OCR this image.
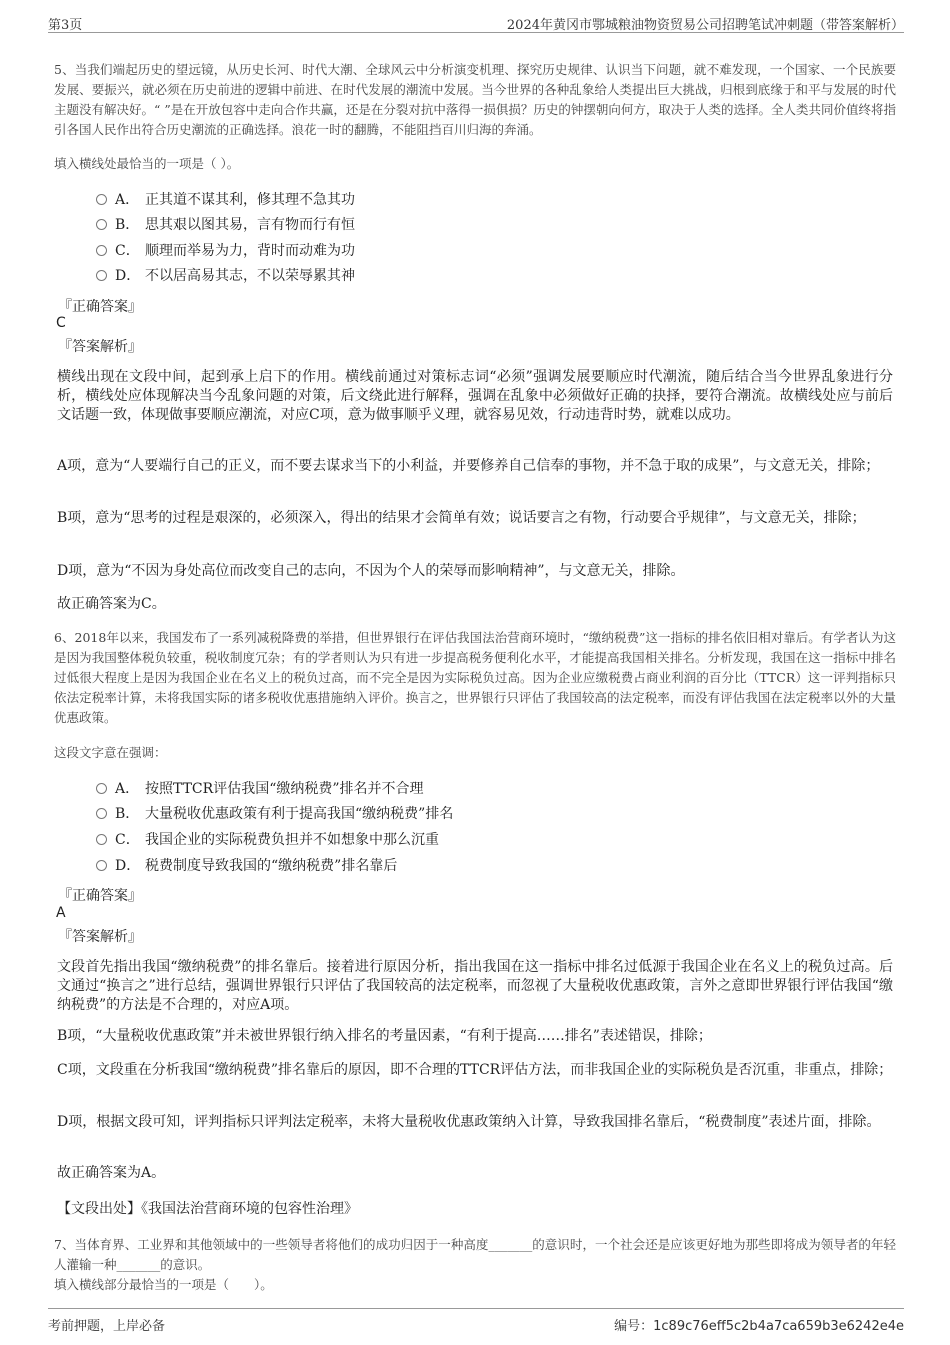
第3页	2024年黄冈市鄂城粮油物资贸易公司招聘笔试冲刺题（带答案解析）
5、当我们端起历史的望远镜，从历史长河、时代大潮、全球风云中分析演变机理、探究历史规律、认识当下问题，就不难发现，一个国家、一个民族要发展、要振兴，就必须在历史前进的逻辑中前进、在时代发展的潮流中发展。当今世界的各种乱象给人类提出巨大挑战，归根到底缘于和平与发展的时代主题没有解决好。“ ”是在开放包容中走向合作共赢，还是在分裂对抗中落得一损俱损？历史的钟摆朝向何方，取决于人类的选择。全人类共同价值终将指引各国人民作出符合历史潮流的正确选择。浪花一时的翻腾，不能阻挡百川归海的奔涌。
填入横线处最恰当的一项是（ ）。
A． 正其道不谋其利，修其理不急其功
B． 思其艰以图其易，言有物而行有恒
C． 顺理而举易为力，背时而动难为功
D． 不以居高易其志，不以荣辱累其神
『正确答案』
C
『答案解析』
横线出现在文段中间，起到承上启下的作用。横线前通过对策标志词“必须”强调发展要顺应时代潮流，随后结合当今世界乱象进行分析，横线处应体现解决当今乱象问题的对策，后文绕此进行解释，强调在乱象中必须做好正确的抉择，要符合潮流。故横线处应与前后文话题一致，体现做事要顺应潮流，对应C项，意为做事顺乎义理，就容易见效，行动违背时势，就难以成功。
A项，意为“人要端行自己的正义，而不要去谋求当下的小利益，并要修养自己信奉的事物，并不急于取的成果”，与文意无关，排除；
B项，意为“思考的过程是艰深的，必须深入，得出的结果才会简单有效；说话要言之有物，行动要合乎规律”，与文意无关，排除；
D项，意为“不因为身处高位而改变自己的志向，不因为个人的荣辱而影响精神”，与文意无关，排除。
故正确答案为C。
6、2018年以来，我国发布了一系列减税降费的举措，但世界银行在评估我国法治营商环境时，“缴纳税费”这一指标的排名依旧相对靠后。有学者认为这是因为我国整体税负较重，税收制度冗杂；有的学者则认为只有进一步提高税务便利化水平，才能提高我国相关排名。分析发现，我国在这一指标中排名过低很大程度上是因为我国企业在名义上的税负过高，而不完全是因为实际税负过高。因为企业应缴税费占商业利润的百分比（TTCR）这一评判指标只依法定税率计算，未将我国实际的诸多税收优惠措施纳入评价。换言之，世界银行只评估了我国较高的法定税率，而没有评估我国在法定税率以外的大量优惠政策。
这段文字意在强调：
A． 按照TTCR评估我国“缴纳税费”排名并不合理
B． 大量税收优惠政策有利于提高我国“缴纳税费”排名
C． 我国企业的实际税费负担并不如想象中那么沉重
D． 税费制度导致我国的“缴纳税费”排名靠后
『正确答案』
A
『答案解析』
文段首先指出我国“缴纳税费”的排名靠后。接着进行原因分析，指出我国在这一指标中排名过低源于我国企业在名义上的税负过高。后文通过“换言之”进行总结，强调世界银行只评估了我国较高的法定税率，而忽视了大量税收优惠政策，言外之意即世界银行评估我国“缴纳税费”的方法是不合理的，对应A项。
B项，“大量税收优惠政策”并未被世界银行纳入排名的考量因素，“有利于提高……排名”表述错误，排除；
C项，文段重在分析我国“缴纳税费”排名靠后的原因，即不合理的TTCR评估方法，而非我国企业的实际税负是否沉重，非重点，排除；
D项，根据文段可知，评判指标只评判法定税率，未将大量税收优惠政策纳入计算，导致我国排名靠后，“税费制度”表述片面，排除。
故正确答案为A。
【文段出处】《我国法治营商环境的包容性治理》
7、当体育界、工业界和其他领域中的一些领导者将他们的成功归因于一种高度_______的意识时，一个社会还是应该更好地为那些即将成为领导者的年轻人灌输一种_______的意识。
填入横线部分最恰当的一项是（　　）。
考前押题，上岸必备	编号：1c89c76eff5c2b4a7ca659b3e6242e4e
